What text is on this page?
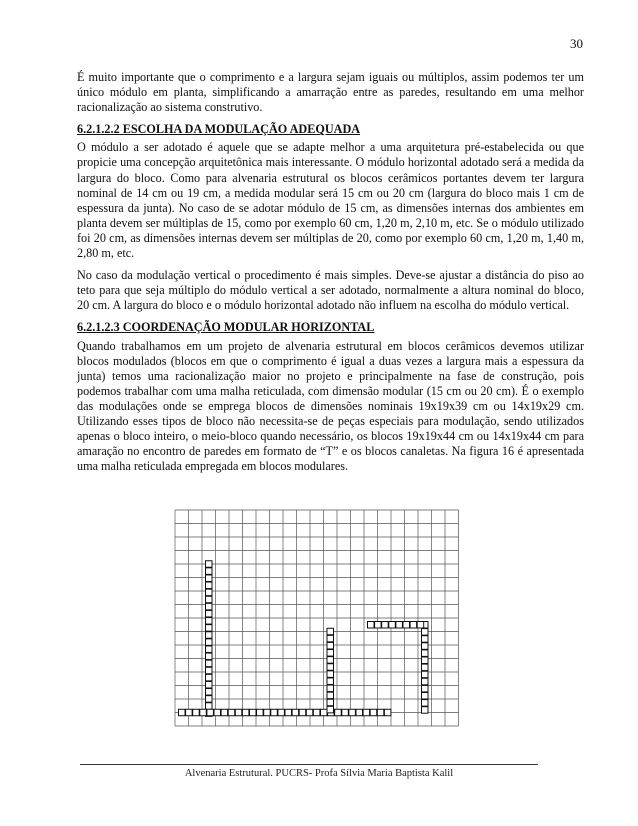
30

É muito importante que o comprimento e a largura sejam iguais ou múltiplos, assim podemos ter um único módulo em planta, simplificando a amarração entre as paredes, resultando em uma melhor racionalização ao sistema construtivo.

6.2.1.2.2 ESCOLHA DA MODULAÇÃO ADEQUADA

O módulo a ser adotado é aquele que se adapte melhor a uma arquitetura pré-estabelecida ou que propicie uma concepção arquitetônica mais interessante. O módulo horizontal adotado será a medida da largura do bloco. Como para alvenaria estrutural os blocos cerâmicos portantes devem ter largura nominal de 14 cm ou 19 cm, a medida modular será 15 cm ou 20 cm (largura do bloco mais 1 cm de espessura da junta). No caso de se adotar módulo de 15 cm, as dimensões internas dos ambientes em planta devem ser múltiplas de 15, como por exemplo 60 cm, 1,20 m, 2,10 m, etc. Se o módulo utilizado foi 20 cm, as dimensões internas devem ser múltiplas de 20, como por exemplo 60 cm, 1,20 m, 1,40 m, 2,80 m, etc.

No caso da modulação vertical o procedimento é mais simples. Deve-se ajustar a distância do piso ao teto para que seja múltiplo do módulo vertical a ser adotado, normalmente a altura nominal do bloco, 20 cm. A largura do bloco e o módulo horizontal adotado não influem na escolha do módulo vertical.

6.2.1.2.3 COORDENAÇÃO MODULAR HORIZONTAL

Quando trabalhamos em um projeto de alvenaria estrutural em blocos cerâmicos devemos utilizar blocos modulados (blocos em que o comprimento é igual a duas vezes a largura mais a espessura da junta) temos uma racionalização maior no projeto e principalmente na fase de construção, pois podemos trabalhar com uma malha reticulada, com dimensão modular (15 cm ou 20 cm). É o exemplo das modulações onde se emprega blocos de dimensões nominais 19x19x39 cm ou 14x19x29 cm. Utilizando esses tipos de bloco não necessita-se de peças especiais para modulação, sendo utilizados apenas o bloco inteiro, o meio-bloco quando necessário, os blocos 19x19x44 cm ou 14x19x44 cm para amaração no encontro de paredes em formato de “T” e os blocos canaletas. Na figura 16 é apresentada uma malha reticulada empregada em blocos modulares.

Alvenaria Estrutural. PUCRS- Profa Sílvia Maria Baptista Kalil
